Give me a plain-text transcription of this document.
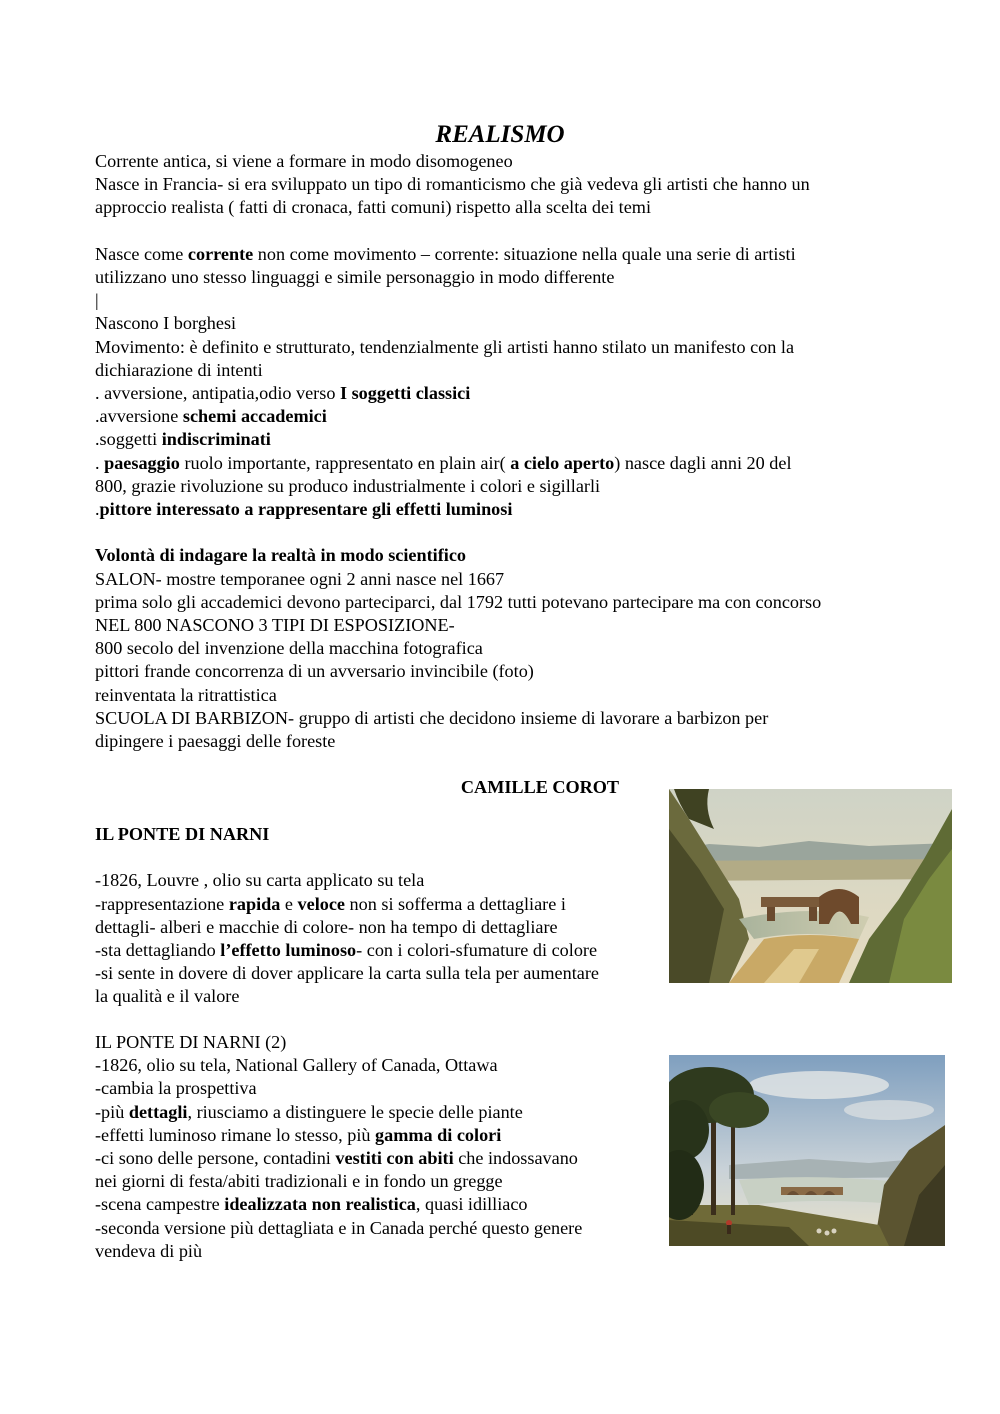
REALISMO
Corrente antica, si viene a formare in modo disomogeneo
Nasce in Francia- si era sviluppato un tipo di romanticismo che già vedeva gli artisti che hanno un
approccio realista ( fatti di cronaca, fatti comuni) rispetto alla scelta dei temi
Nasce come corrente non come movimento – corrente: situazione nella quale una serie di artisti
utilizzano uno stesso linguaggi e simile personaggio in modo differente
|
Nascono I borghesi
Movimento: è definito e strutturato, tendenzialmente gli artisti hanno stilato un manifesto con la
dichiarazione di intenti
. avversione, antipatia,odio verso I soggetti classici
.avversione schemi accademici
.soggetti indiscriminati
. paesaggio ruolo importante, rappresentato en plain air( a cielo aperto) nasce dagli anni 20 del
800, grazie rivoluzione su produco industrialmente i colori e sigillarli
.pittore interessato a rappresentare gli effetti luminosi
Volontà di indagare la realtà in modo scientifico
SALON- mostre temporanee ogni 2 anni nasce nel 1667
prima solo gli accademici devono parteciparci, dal 1792 tutti potevano partecipare ma con concorso
NEL 800 NASCONO 3 TIPI DI ESPOSIZIONE-
800 secolo del invenzione della macchina fotografica
pittori frande concorrenza di un avversario invincibile (foto)
reinventata la ritrattistica
SCUOLA DI BARBIZON- gruppo di artisti che decidono insieme di lavorare a barbizon per
dipingere i paesaggi delle foreste
CAMILLE COROT
IL PONTE DI NARNI
-1826, Louvre , olio su carta applicato su tela
-rappresentazione rapida e veloce non si sofferma a dettagliare i
dettagli- alberi e macchie di colore- non ha tempo di dettagliare
-sta dettagliando l’effetto luminoso- con i colori-sfumature di colore
-si sente in dovere di dover applicare la carta sulla tela per aumentare
la qualità e il valore
IL PONTE DI NARNI (2)
-1826, olio su tela, National Gallery of Canada, Ottawa
-cambia la prospettiva
-più dettagli, riusciamo a distinguere le specie delle piante
-effetti luminoso rimane lo stesso, più gamma di colori
-ci sono delle persone, contadini vestiti con abiti che indossavano
nei giorni di festa/abiti tradizionali e in fondo un gregge
-scena campestre idealizzata non realistica, quasi idilliaco
-seconda versione più dettagliata e in Canada perché questo genere
vendeva di più
